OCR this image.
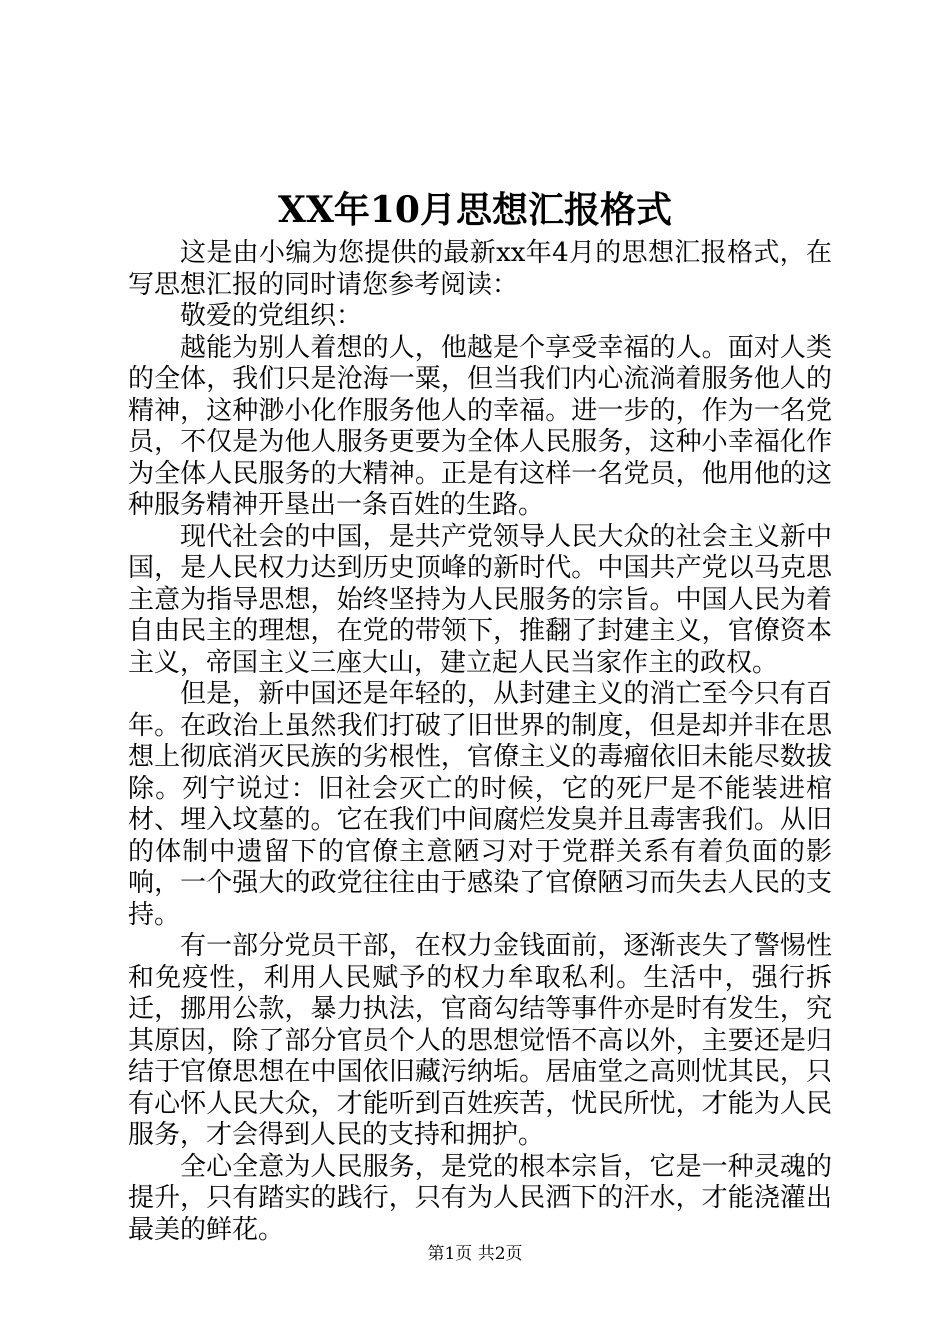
XX年10月思想汇报格式

这是由小编为您提供的最新xx年4月的思想汇报格式，在写思想汇报的同时请您参考阅读：

敬爱的党组织：

越能为别人着想的人，他越是个享受幸福的人。面对人类的全体，我们只是沧海一粟，但当我们内心流淌着服务他人的精神，这种渺小化作服务他人的幸福。进一步的，作为一名党员，不仅是为他人服务更要为全体人民服务，这种小幸福化作为全体人民服务的大精神。正是有这样一名党员，他用他的这种服务精神开垦出一条百姓的生路。

现代社会的中国，是共产党领导人民大众的社会主义新中国，是人民权力达到历史顶峰的新时代。中国共产党以马克思主意为指导思想，始终坚持为人民服务的宗旨。中国人民为着自由民主的理想，在党的带领下，推翻了封建主义，官僚资本主义，帝国主义三座大山，建立起人民当家作主的政权。

但是，新中国还是年轻的，从封建主义的消亡至今只有百年。在政治上虽然我们打破了旧世界的制度，但是却并非在思想上彻底消灭民族的劣根性，官僚主义的毒瘤依旧未能尽数拔除。列宁说过：旧社会灭亡的时候，它的死尸是不能装进棺材、埋入坟墓的。它在我们中间腐烂发臭并且毒害我们。从旧的体制中遗留下的官僚主意陋习对于党群关系有着负面的影响，一个强大的政党往往由于感染了官僚陋习而失去人民的支持。

有一部分党员干部，在权力金钱面前，逐渐丧失了警惕性和免疫性，利用人民赋予的权力牟取私利。生活中，强行拆迁，挪用公款，暴力执法，官商勾结等事件亦是时有发生，究其原因，除了部分官员个人的思想觉悟不高以外，主要还是归结于官僚思想在中国依旧藏污纳垢。居庙堂之高则忧其民，只有心怀人民大众，才能听到百姓疾苦，忧民所忧，才能为人民服务，才会得到人民的支持和拥护。

全心全意为人民服务，是党的根本宗旨，它是一种灵魂的提升，只有踏实的践行，只有为人民洒下的汗水，才能浇灌出最美的鲜花。

第1页 共2页
